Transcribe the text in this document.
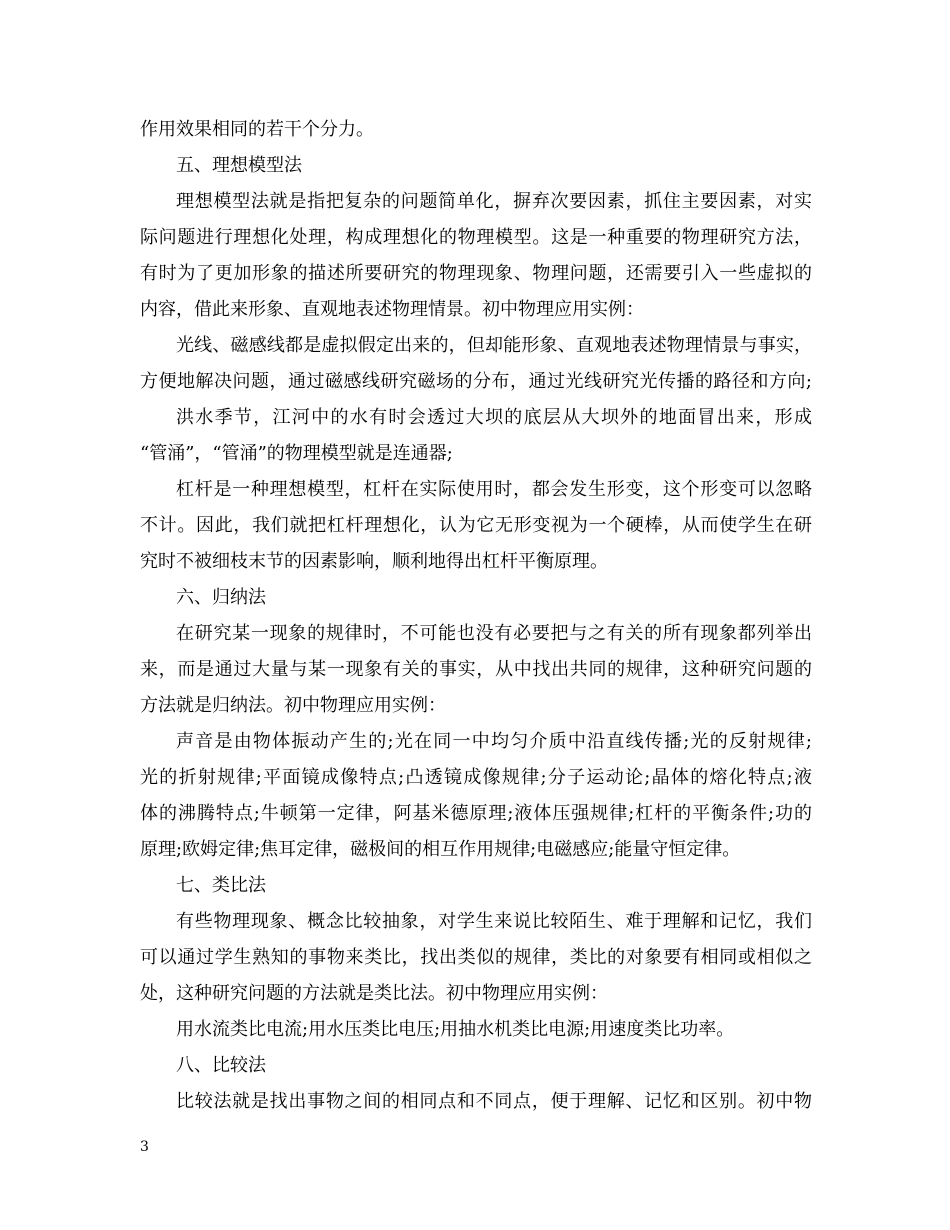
作用效果相同的若干个分力。
五、理想模型法
理想模型法就是指把复杂的问题简单化，摒弃次要因素，抓住主要因素，对实
际问题进行理想化处理，构成理想化的物理模型。这是一种重要的物理研究方法，
有时为了更加形象的描述所要研究的物理现象、物理问题，还需要引入一些虚拟的
内容，借此来形象、直观地表述物理情景。初中物理应用实例：
光线、磁感线都是虚拟假定出来的，但却能形象、直观地表述物理情景与事实，
方便地解决问题，通过磁感线研究磁场的分布，通过光线研究光传播的路径和方向;
洪水季节，江河中的水有时会透过大坝的底层从大坝外的地面冒出来，形成
“管涌”，“管涌”的物理模型就是连通器;
杠杆是一种理想模型，杠杆在实际使用时，都会发生形变，这个形变可以忽略
不计。因此，我们就把杠杆理想化，认为它无形变视为一个硬棒，从而使学生在研
究时不被细枝末节的因素影响，顺利地得出杠杆平衡原理。
六、归纳法
在研究某一现象的规律时，不可能也没有必要把与之有关的所有现象都列举出
来，而是通过大量与某一现象有关的事实，从中找出共同的规律，这种研究问题的
方法就是归纳法。初中物理应用实例：
声音是由物体振动产生的;光在同一中均匀介质中沿直线传播;光的反射规律;
光的折射规律;平面镜成像特点;凸透镜成像规律;分子运动论;晶体的熔化特点;液
体的沸腾特点;牛顿第一定律，阿基米德原理;液体压强规律;杠杆的平衡条件;功的
原理;欧姆定律;焦耳定律，磁极间的相互作用规律;电磁感应;能量守恒定律。
七、类比法
有些物理现象、概念比较抽象，对学生来说比较陌生、难于理解和记忆，我们
可以通过学生熟知的事物来类比，找出类似的规律，类比的对象要有相同或相似之
处，这种研究问题的方法就是类比法。初中物理应用实例：
用水流类比电流;用水压类比电压;用抽水机类比电源;用速度类比功率。
八、比较法
比较法就是找出事物之间的相同点和不同点，便于理解、记忆和区别。初中物
3
